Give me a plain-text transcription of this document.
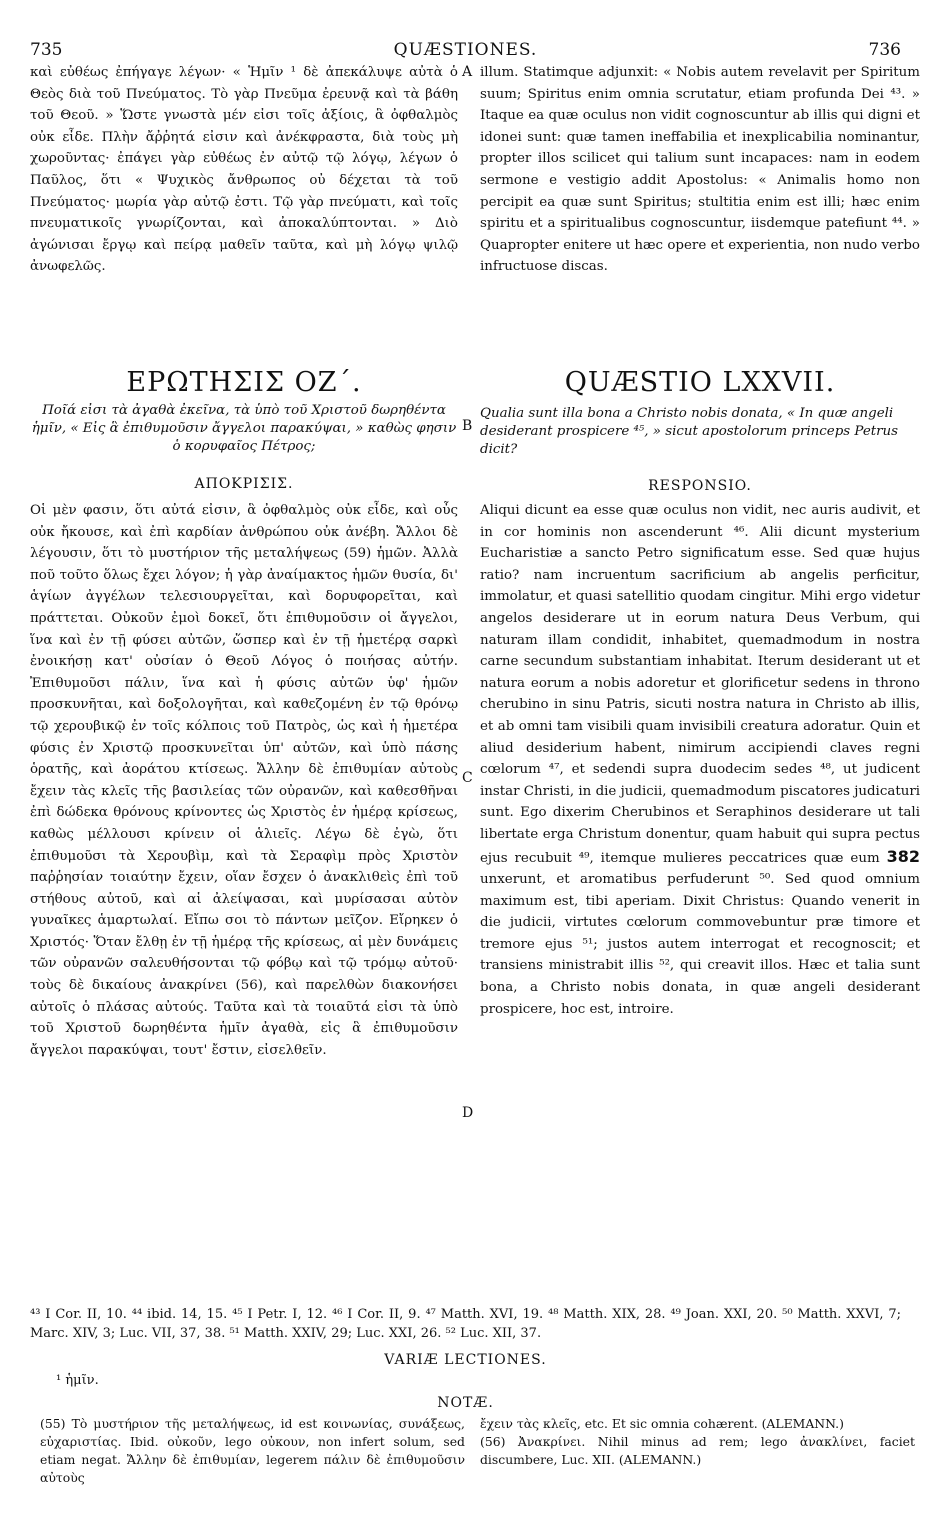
735	QUÆSTIONES.	736

καὶ εὐθέως ἐπήγαγε λέγων· « Ἡμῖν ¹ δὲ ἀπεκάλυψε αὐτὰ ὁ Θεὸς διὰ τοῦ Πνεύματος. Τὸ γὰρ Πνεῦμα ἐρευνᾷ καὶ τὰ βάθη τοῦ Θεοῦ. » Ὥστε γνωστὰ μέν εἰσι τοῖς ἀξίοις, ἃ ὀφθαλμὸς οὐκ εἶδε. Πλὴν ἄῤῥητά εἰσιν καὶ ἀνέκφραστα, διὰ τοὺς μὴ χωροῦντας· ἐπάγει γὰρ εὐθέως ἐν αὐτῷ τῷ λόγῳ, λέγων ὁ Παῦλος, ὅτι « Ψυχικὸς ἄνθρωπος οὐ δέχεται τὰ τοῦ Πνεύματος· μωρία γὰρ αὐτῷ ἐστι. Τῷ γὰρ πνεύματι, καὶ τοῖς πνευματικοῖς γνωρίζονται, καὶ ἀποκαλύπτονται. » Διὸ ἀγώνισαι ἔργῳ καὶ πείρᾳ μαθεῖν ταῦτα, καὶ μὴ λόγῳ ψιλῷ ἀνωφελῶς.

illum. Statimque adjunxit: « Nobis autem revelavit per Spiritum suum; Spiritus enim omnia scrutatur, etiam profunda Dei ⁴³. » Itaque ea quæ oculus non vidit cognoscuntur ab illis qui digni et idonei sunt: quæ tamen ineffabilia et inexplicabilia nominantur, propter illos scilicet qui talium sunt incapaces: nam in eodem sermone e vestigio addit Apostolus: « Animalis homo non percipit ea quæ sunt Spiritus; stultitia enim est illi; hæc enim spiritu et a spiritualibus cognoscuntur, iisdemque patefiunt ⁴⁴. » Quapropter enitere ut hæc opere et experientia, non nudo verbo infructuose discas.

A
B
C
D
ΕΡΩΤΗΣΙΣ ΟΖ΄.	QUÆSTIO LXXVII.
Ποῖά εἰσι τὰ ἀγαθὰ ἐκεῖνα, τὰ ὑπὸ τοῦ Χριστοῦ δωρηθέντα ἡμῖν, « Εἰς ἃ ἐπιθυμοῦσιν ἄγγελοι παρακύψαι, » καθὼς φησιν ὁ κορυφαῖος Πέτρος;
Qualia sunt illa bona a Christo nobis donata, « In quæ angeli desiderant prospicere ⁴⁵, » sicut apostolorum princeps Petrus dicit?
ΑΠΟΚΡΙΣΙΣ.	RESPONSIO.

Οἱ μὲν φασιν, ὅτι αὐτά εἰσιν, ἃ ὀφθαλμὸς οὐκ εἶδε, καὶ οὖς οὐκ ἤκουσε, καὶ ἐπὶ καρδίαν ἀνθρώπου οὐκ ἀνέβη. Ἄλλοι δὲ λέγουσιν, ὅτι τὸ μυστήριον τῆς μεταλήψεως (59) ἡμῶν. Ἀλλὰ ποῦ τοῦτο ὅλως ἔχει λόγον; ἡ γὰρ ἀναίμακτος ἡμῶν θυσία, δι' ἁγίων ἀγγέλων τελεσιουργεῖται, καὶ δορυφορεῖται, καὶ πράττεται. Οὐκοῦν ἐμοὶ δοκεῖ, ὅτι ἐπιθυμοῦσιν οἱ ἄγγελοι, ἵνα καὶ ἐν τῇ φύσει αὐτῶν, ὥσπερ καὶ ἐν τῇ ἡμετέρᾳ σαρκὶ ἐνοικήσῃ κατ' οὐσίαν ὁ Θεοῦ Λόγος ὁ ποιήσας αὐτήν. Ἐπιθυμοῦσι πάλιν, ἵνα καὶ ἡ φύσις αὐτῶν ὑφ' ἡμῶν προσκυνῆται, καὶ δοξολογῆται, καὶ καθεζομένη ἐν τῷ θρόνῳ τῷ χερουβικῷ ἐν τοῖς κόλποις τοῦ Πατρὸς, ὡς καὶ ἡ ἡμετέρα φύσις ἐν Χριστῷ προσκυνεῖται ὑπ' αὐτῶν, καὶ ὑπὸ πάσης ὁρατῆς, καὶ ἀοράτου κτίσεως. Ἄλλην δὲ ἐπιθυμίαν αὐτοὺς ἔχειν τὰς κλεῖς τῆς βασιλείας τῶν οὐρανῶν, καὶ καθεσθῆναι ἐπὶ δώδεκα θρόνους κρίνοντες ὡς Χριστὸς ἐν ἡμέρᾳ κρίσεως, καθὼς μέλλουσι κρίνειν οἱ ἁλιεῖς. Λέγω δὲ ἐγὼ, ὅτι ἐπιθυμοῦσι τὰ Χερουβὶμ, καὶ τὰ Σεραφὶμ πρὸς Χριστὸν παῤῥησίαν τοιαύτην ἔχειν, οἵαν ἔσχεν ὁ ἀνακλιθεὶς ἐπὶ τοῦ στήθους αὐτοῦ, καὶ αἱ ἀλείψασαι, καὶ μυρίσασαι αὐτὸν γυναῖκες ἁμαρτωλαί. Εἴπω σοι τὸ πάντων μεῖζον. Εἴρηκεν ὁ Χριστός· Ὅταν ἔλθῃ ἐν τῇ ἡμέρᾳ τῆς κρίσεως, αἱ μὲν δυνάμεις τῶν οὐρανῶν σαλευθήσονται τῷ φόβῳ καὶ τῷ τρόμῳ αὐτοῦ· τοὺς δὲ δικαίους ἀνακρίνει (56), καὶ παρελθὼν διακονήσει αὐτοῖς ὁ πλάσας αὐτούς. Ταῦτα καὶ τὰ τοιαῦτά εἰσι τὰ ὑπὸ τοῦ Χριστοῦ δωρηθέντα ἡμῖν ἀγαθὰ, εἰς ἃ ἐπιθυμοῦσιν ἄγγελοι παρακύψαι, τουτ' ἔστιν, εἰσελθεῖν.

Aliqui dicunt ea esse quæ oculus non vidit, nec auris audivit, et in cor hominis non ascenderunt ⁴⁶. Alii dicunt mysterium Eucharistiæ a sancto Petro significatum esse. Sed quæ hujus ratio? nam incruentum sacrificium ab angelis perficitur, immolatur, et quasi satellitio quodam cingitur. Mihi ergo videtur angelos desiderare ut in eorum natura Deus Verbum, qui naturam illam condidit, inhabitet, quemadmodum in nostra carne secundum substantiam inhabitat. Iterum desiderant ut et natura eorum a nobis adoretur et glorificetur sedens in throno cherubino in sinu Patris, sicuti nostra natura in Christo ab illis, et ab omni tam visibili quam invisibili creatura adoratur. Quin et aliud desiderium habent, nimirum accipiendi claves regni cœlorum ⁴⁷, et sedendi supra duodecim sedes ⁴⁸, ut judicent instar Christi, in die judicii, quemadmodum piscatores judicaturi sunt. Ego dixerim Cherubinos et Seraphinos desiderare ut tali libertate erga Christum donentur, quam habuit qui supra pectus ejus recubuit ⁴⁹, itemque mulieres peccatrices quæ eum 382 unxerunt, et aromatibus perfuderunt ⁵⁰. Sed quod omnium maximum est, tibi aperiam. Dixit Christus: Quando venerit in die judicii, virtutes cœlorum commovebuntur præ timore et tremore ejus ⁵¹; justos autem interrogat et recognoscit; et transiens ministrabit illis ⁵², qui creavit illos. Hæc et talia sunt bona, a Christo nobis donata, in quæ angeli desiderant prospicere, hoc est, introire.

⁴³ I Cor. II, 10. ⁴⁴ ibid. 14, 15. ⁴⁵ I Petr. I, 12. ⁴⁶ I Cor. II, 9. ⁴⁷ Matth. XVI, 19. ⁴⁸ Matth. XIX, 28. ⁴⁹ Joan. XXI, 20. ⁵⁰ Matth. XXVI, 7; Marc. XIV, 3; Luc. VII, 37, 38. ⁵¹ Matth. XXIV, 29; Luc. XXI, 26. ⁵² Luc. XII, 37.
VARIÆ LECTIONES.
¹ ἡμῖν.
NOTÆ.

(55) Τὸ μυστήριον τῆς μεταλήψεως, id est κοινωνίας, συνάξεως, εὐχαριστίας. Ibid. οὐκοῦν, lego οὐκουν, non infert solum, sed etiam negat. Ἄλλην δὲ ἐπιθυμίαν, legerem πάλιν δὲ ἐπιθυμοῦσιν αὐτοὺς

ἔχειν τὰς κλεῖς, etc. Et sic omnia cohærent. (ALEMANN.)

(56) Ἀνακρίνει. Nihil minus ad rem; lego ἀνακλίνει, faciet discumbere, Luc. XII. (ALEMANN.)
